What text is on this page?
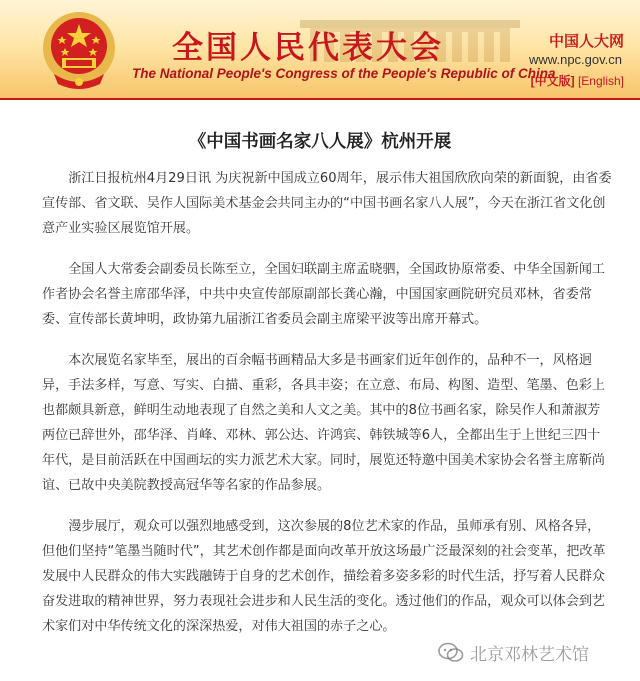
全国人民代表大会
The National People's Congress of the People's Republic of China
中国人大网
www.npc.gov.cn
[中文版] [English]
《中国书画名家八人展》杭州开展

浙江日报杭州4月29日讯 为庆祝新中国成立60周年，展示伟大祖国欣欣向荣的新面貌，由省委宣传部、省文联、吴作人国际美术基金会共同主办的“中国书画名家八人展”，今天在浙江省文化创意产业实验区展览馆开展。

全国人大常委会副委员长陈至立，全国妇联副主席孟晓驷，全国政协原常委、中华全国新闻工作者协会名誉主席邵华泽，中共中央宣传部原副部长龚心瀚，中国国家画院研究员邓林，省委常委、宣传部长黄坤明，政协第九届浙江省委员会副主席梁平波等出席开幕式。

本次展览名家毕至，展出的百余幅书画精品大多是书画家们近年创作的，品种不一，风格迥异，手法多样，写意、写实、白描、重彩，各具丰姿；在立意、布局、构图、造型、笔墨、色彩上也都颇具新意，鲜明生动地表现了自然之美和人文之美。其中的8位书画名家，除吴作人和萧淑芳两位已辞世外，邵华泽、肖峰、邓林、郭公达、许鸿宾、韩铁城等6人，全都出生于上世纪三四十年代，是目前活跃在中国画坛的实力派艺术大家。同时，展览还特邀中国美术家协会名誉主席靳尚谊、已故中央美院教授高冠华等名家的作品参展。

漫步展厅，观众可以强烈地感受到，这次参展的8位艺术家的作品，虽师承有别、风格各异，但他们坚持“笔墨当随时代”，其艺术创作都是面向改革开放这场最广泛最深刻的社会变革，把改革发展中人民群众的伟大实践融铸于自身的艺术创作，描绘着多姿多彩的时代生活，抒写着人民群众奋发进取的精神世界，努力表现社会进步和人民生活的变化。透过他们的作品，观众可以体会到艺术家们对中华传统文化的深深热爱，对伟大祖国的赤子之心。

北京邓林艺术馆
